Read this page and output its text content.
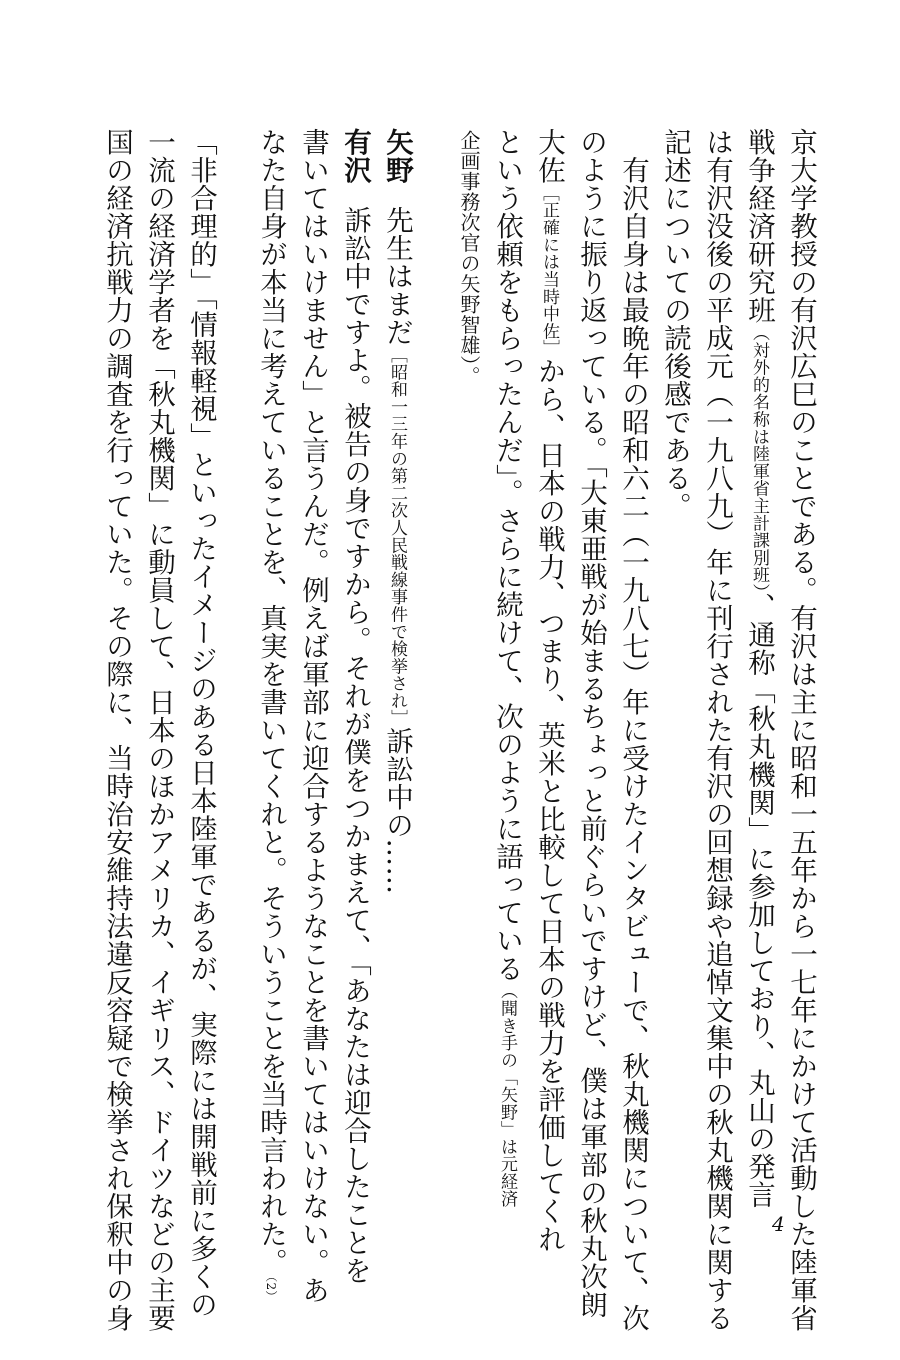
京大学教授の有沢広巳のことである。有沢は主に昭和一五年から一七年にかけて活動した陸軍省
戦争経済研究班（対外的名称は陸軍省主計課別班）、通称「秋丸機関」に参加しており、丸山の発言
は有沢没後の平成元（一九八九）年に刊行された有沢の回想録や追悼文集中の秋丸機関に関する
記述についての読後感である。
　有沢自身は最晩年の昭和六二（一九八七）年に受けたインタビューで、秋丸機関について、次
のように振り返っている。「大東亜戦が始まるちょっと前ぐらいですけど、僕は軍部の秋丸次朗
大佐［正確には当時中佐］から、日本の戦力、つまり、英米と比較して日本の戦力を評価してくれ
という依頼をもらったんだ」。さらに続けて、次のように語っている（聞き手の「矢野」は元経済
企画事務次官の矢野智雄）。
矢野先生はまだ［昭和一三年の第二次人民戦線事件で検挙され］訴訟中の……
有沢訴訟中ですよ。被告の身ですから。それが僕をつかまえて、「あなたは迎合したことを
書いてはいけません」と言うんだ。例えば軍部に迎合するようなことを書いてはいけない。あ
なた自身が本当に考えていることを、真実を書いてくれと。そういうことを当時言われた。（2）
「非合理的」「情報軽視」といったイメージのある日本陸軍であるが、実際には開戦前に多くの
一流の経済学者を「秋丸機関」に動員して、日本のほかアメリカ、イギリス、ドイツなどの主要
国の経済抗戦力の調査を行っていた。その際に、当時治安維持法違反容疑で検挙され保釈中の身	4
